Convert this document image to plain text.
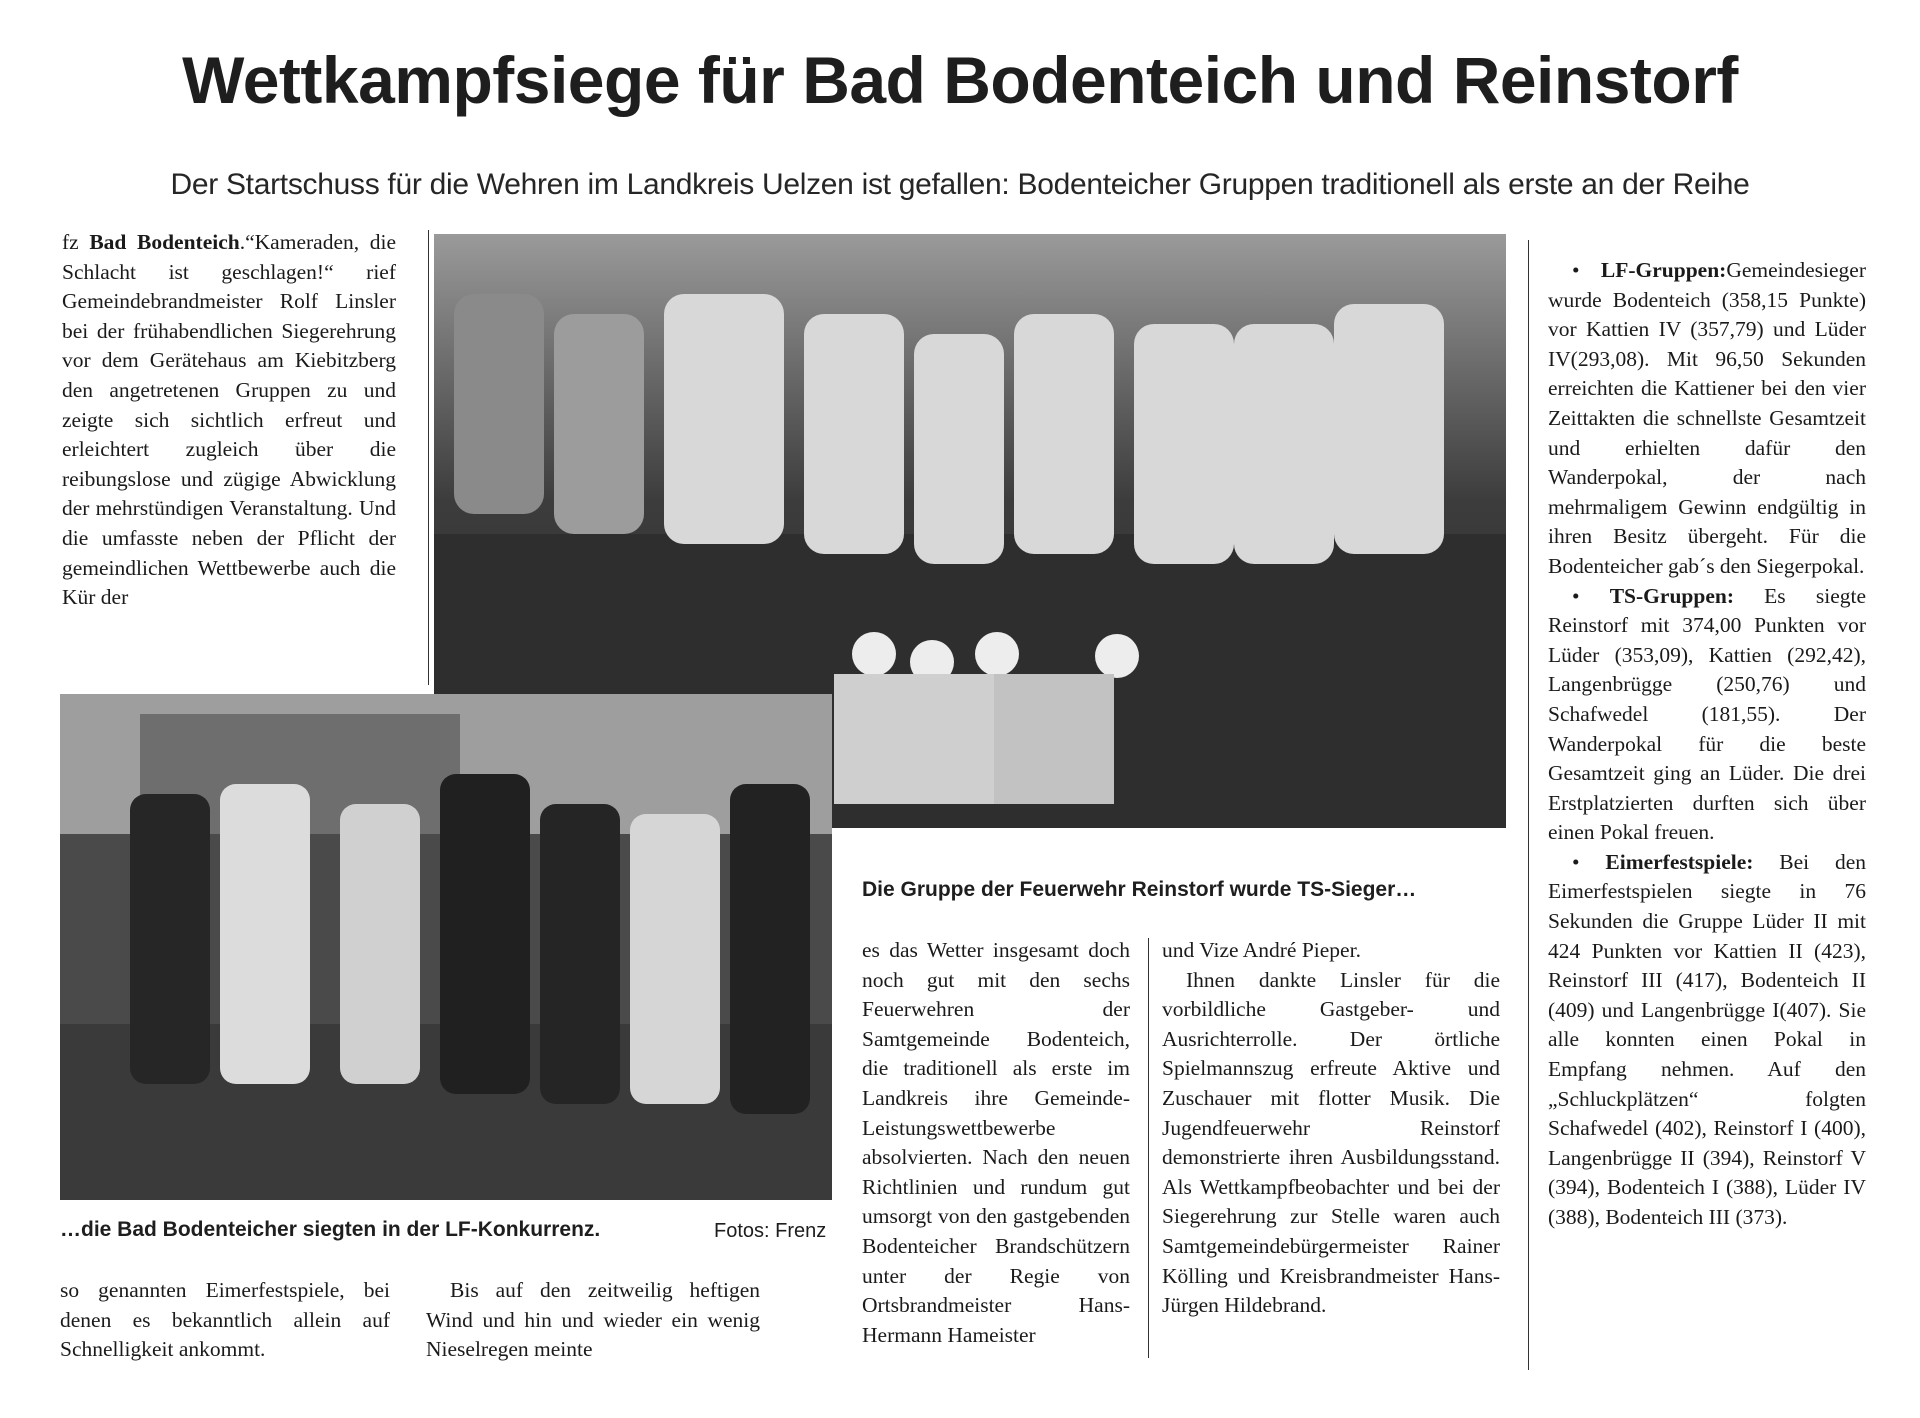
Wettkampfsiege für Bad Bodenteich und Reinstorf
Der Startschuss für die Wehren im Landkreis Uelzen ist gefallen: Bodenteicher Gruppen traditionell als erste an der Reihe

fz Bad Bodenteich.“Kameraden, die Schlacht ist geschlagen!“ rief Gemeindebrandmeister Rolf Linsler bei der frühabendlichen Siegerehrung vor dem Gerätehaus am Kiebitzberg den angetretenen Gruppen zu und zeigte sich sichtlich erfreut und erleichtert zugleich über die reibungslose und zügige Abwicklung der mehrstündigen Veranstaltung. Und die umfasste neben der Pflicht der gemeindlichen Wettbewerbe auch die Kür der

Die Gruppe der Feuerwehr Reinstorf wurde TS-Sieger…
…die Bad Bodenteicher siegten in der LF-Konkurrenz.	Fotos: Frenz

es das Wetter insgesamt doch noch gut mit den sechs Feuerwehren der Samtgemeinde Bodenteich, die traditionell als erste im Landkreis ihre Gemeinde-Leistungswettbewerbe absolvierten. Nach den neuen Richtlinien und rundum gut umsorgt von den gastgebenden Bodenteicher Brandschützern unter der Regie von Ortsbrandmeister Hans-Hermann Hameister

und Vize André Pieper.

Ihnen dankte Linsler für die vorbildliche Gastgeber- und Ausrichterrolle. Der örtliche Spielmannszug erfreute Aktive und Zuschauer mit flotter Musik. Die Jugendfeuerwehr Reinstorf demonstrierte ihren Ausbildungsstand. Als Wettkampfbeobachter und bei der Siegerehrung zur Stelle waren auch Samtgemeindebürgermeister Rainer Kölling und Kreisbrandmeister Hans-Jürgen Hildebrand.

so genannten Eimerfestspiele, bei denen es bekanntlich allein auf Schnelligkeit ankommt.

Bis auf den zeitweilig heftigen Wind und hin und wieder ein wenig Nieselregen meinte

• LF-Gruppen:Gemeindesieger wurde Bodenteich (358,15 Punkte) vor Kattien IV (357,79) und Lüder IV(293,08). Mit 96,50 Sekunden erreichten die Kattiener bei den vier Zeittakten die schnellste Gesamtzeit und erhielten dafür den Wanderpokal, der nach mehrmaligem Gewinn endgültig in ihren Besitz übergeht. Für die Bodenteicher gab´s den Siegerpokal.

• TS-Gruppen: Es siegte Reinstorf mit 374,00 Punkten vor Lüder (353,09), Kattien (292,42), Langenbrügge (250,76) und Schafwedel (181,55). Der Wanderpokal für die beste Gesamtzeit ging an Lüder. Die drei Erstplatzierten durften sich über einen Pokal freuen.

• Eimerfestspiele: Bei den Eimerfestspielen siegte in 76 Sekunden die Gruppe Lüder II mit 424 Punkten vor Kattien II (423), Reinstorf III (417), Bodenteich II (409) und Langenbrügge I(407). Sie alle konnten einen Pokal in Empfang nehmen. Auf den „Schluckplätzen“ folgten Schafwedel (402), Reinstorf I (400), Langenbrügge II (394), Reinstorf V (394), Bodenteich I (388), Lüder IV (388), Bodenteich III (373).
